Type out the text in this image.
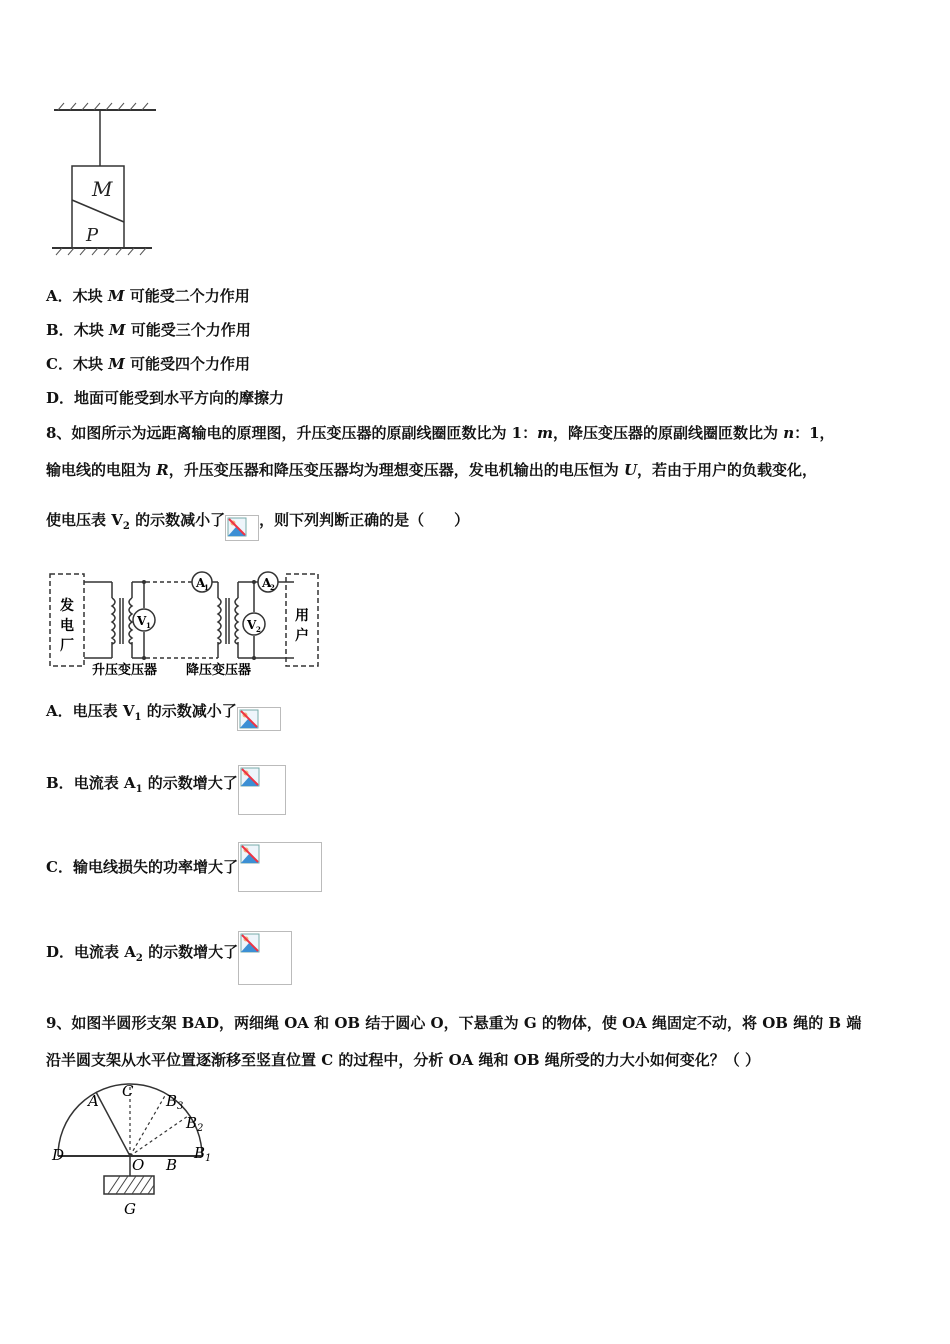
M
P
A．木块 M 可能受二个力作用
B．木块 M 可能受三个力作用
C．木块 M 可能受四个力作用
D．地面可能受到水平方向的摩擦力
8、如图所示为远距离输电的原理图，升压变压器的原副线圈匝数比为 1：m，降压变压器的原副线圈匝数比为 n：1，
输电线的电阻为 R，升压变压器和降压变压器均为理想变压器，发电机输出的电压恒为 U，若由于用户的负载变化，
使电压表 $V_2$ 的示数减小了 ，则下列判断正确的是（　　）
发
电
厂
V 1
A
1
V 2
A
2
用
户
升压变压器 降压变压器
A．电压表 $V_1$ 的示数减小了
B．电流表 $A_1$ 的示数增大了
C．输电线损失的功率增大了
D．电流表 $A_2$ 的示数增大了
9、如图半圆形支架 BAD，两细绳 OA 和 OB 结于圆心 O，下悬重为 G 的物体，使 OA 绳固定不动，将 OB 绳的 B 端
沿半圆支架从水平位置逐渐移至竖直位置 C 的过程中，分析 OA 绳和 OB 绳所受的力大小如何变化？（ ）
A
C
$B_3$
$B_2$
$B_1$
D
O B
G
